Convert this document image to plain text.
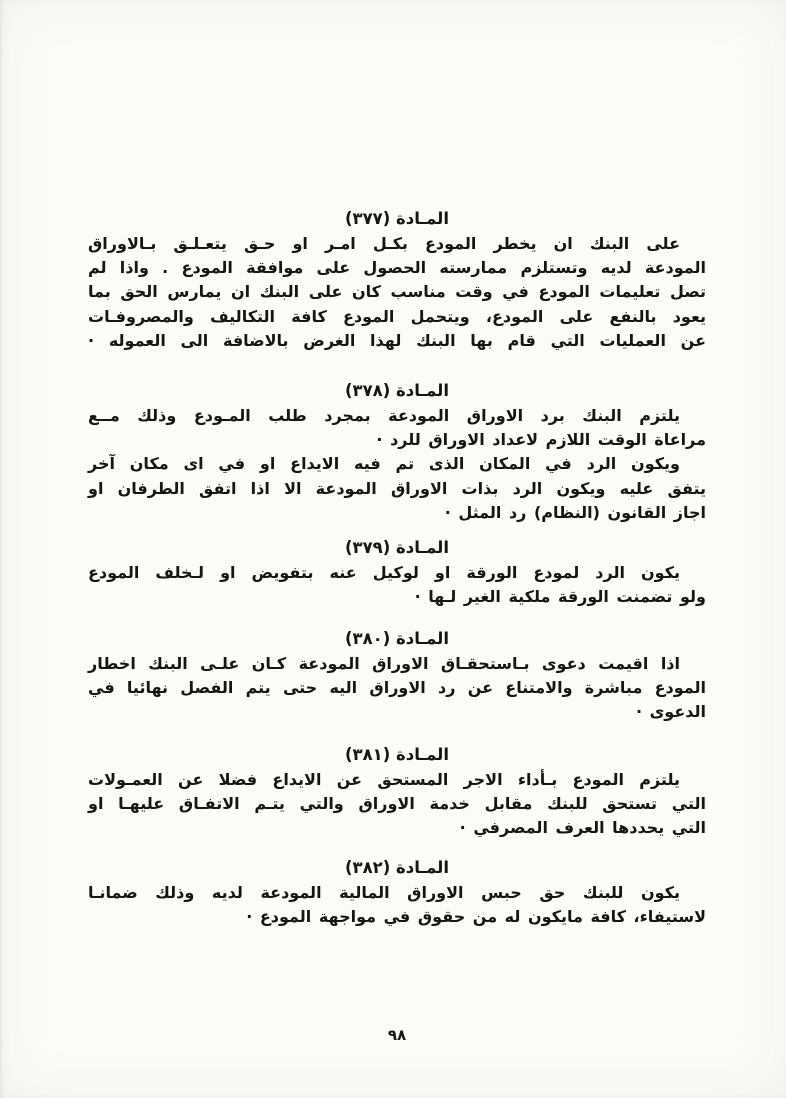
المـادة (٣٧٧)
على البنك ان يخطر المودع بكـل امـر او حـق يتعـلـق بـالاوراق
المودعة لديه وتستلزم ممارسته الحصول على موافقة المودع . واذا لم
تصل تعليمات المودع في وقت مناسب كان على البنك ان يمارس الحق بما
يعود بالنفع على المودع، ويتحمل المودع كافة التكاليف والمصروفـات
عن العمليات التي قام بها البنك لهذا الغرض بالاضافة الى العموله ·
المـادة (٣٧٨)
يلتزم البنك برد الاوراق المودعة بمجرد طلب المـودع وذلك مــع
مراعاة الوقت اللازم لاعداد الاوراق للرد ·
ويكون الرد في المكان الذى تم فيه الايداع او في اى مكان آخر
يتفق عليه ويكون الرد بذات الاوراق المودعة الا اذا اتفق الطرفان او
اجاز القانون (النظام) رد المثل ·
المـادة (٣٧٩)
يكون الرد لمودع الورقة او لوكيل عنه بتفويض او لـخلف المودع
ولو تضمنت الورقة ملكية الغير لـها ·
المـادة (٣٨٠)
اذا اقيمت دعوى بـاستحقـاق الاوراق المودعة كـان علـى البنك اخطار
المودع مباشرة والامتناع عن رد الاوراق اليه حتى يتم الفصل نهائيا في
الدعوى ·
المـادة (٣٨١)
يلتزم المودع بـأداء الاجر المستحق عن الايداع فضلا عن العمـولات
التي تستحق للبنك مقابل خدمة الاوراق والتي يتـم الاتفـاق عليهـا او
التي يحددها العرف المصرفي ·
المـادة (٣٨٢)
يكون للبنك حق حبس الاوراق المالية المودعة لديه وذلك ضمانـا
لاستيفاء، كافة مايكون له من حقوق في مواجهة المودع ·
٩٨
